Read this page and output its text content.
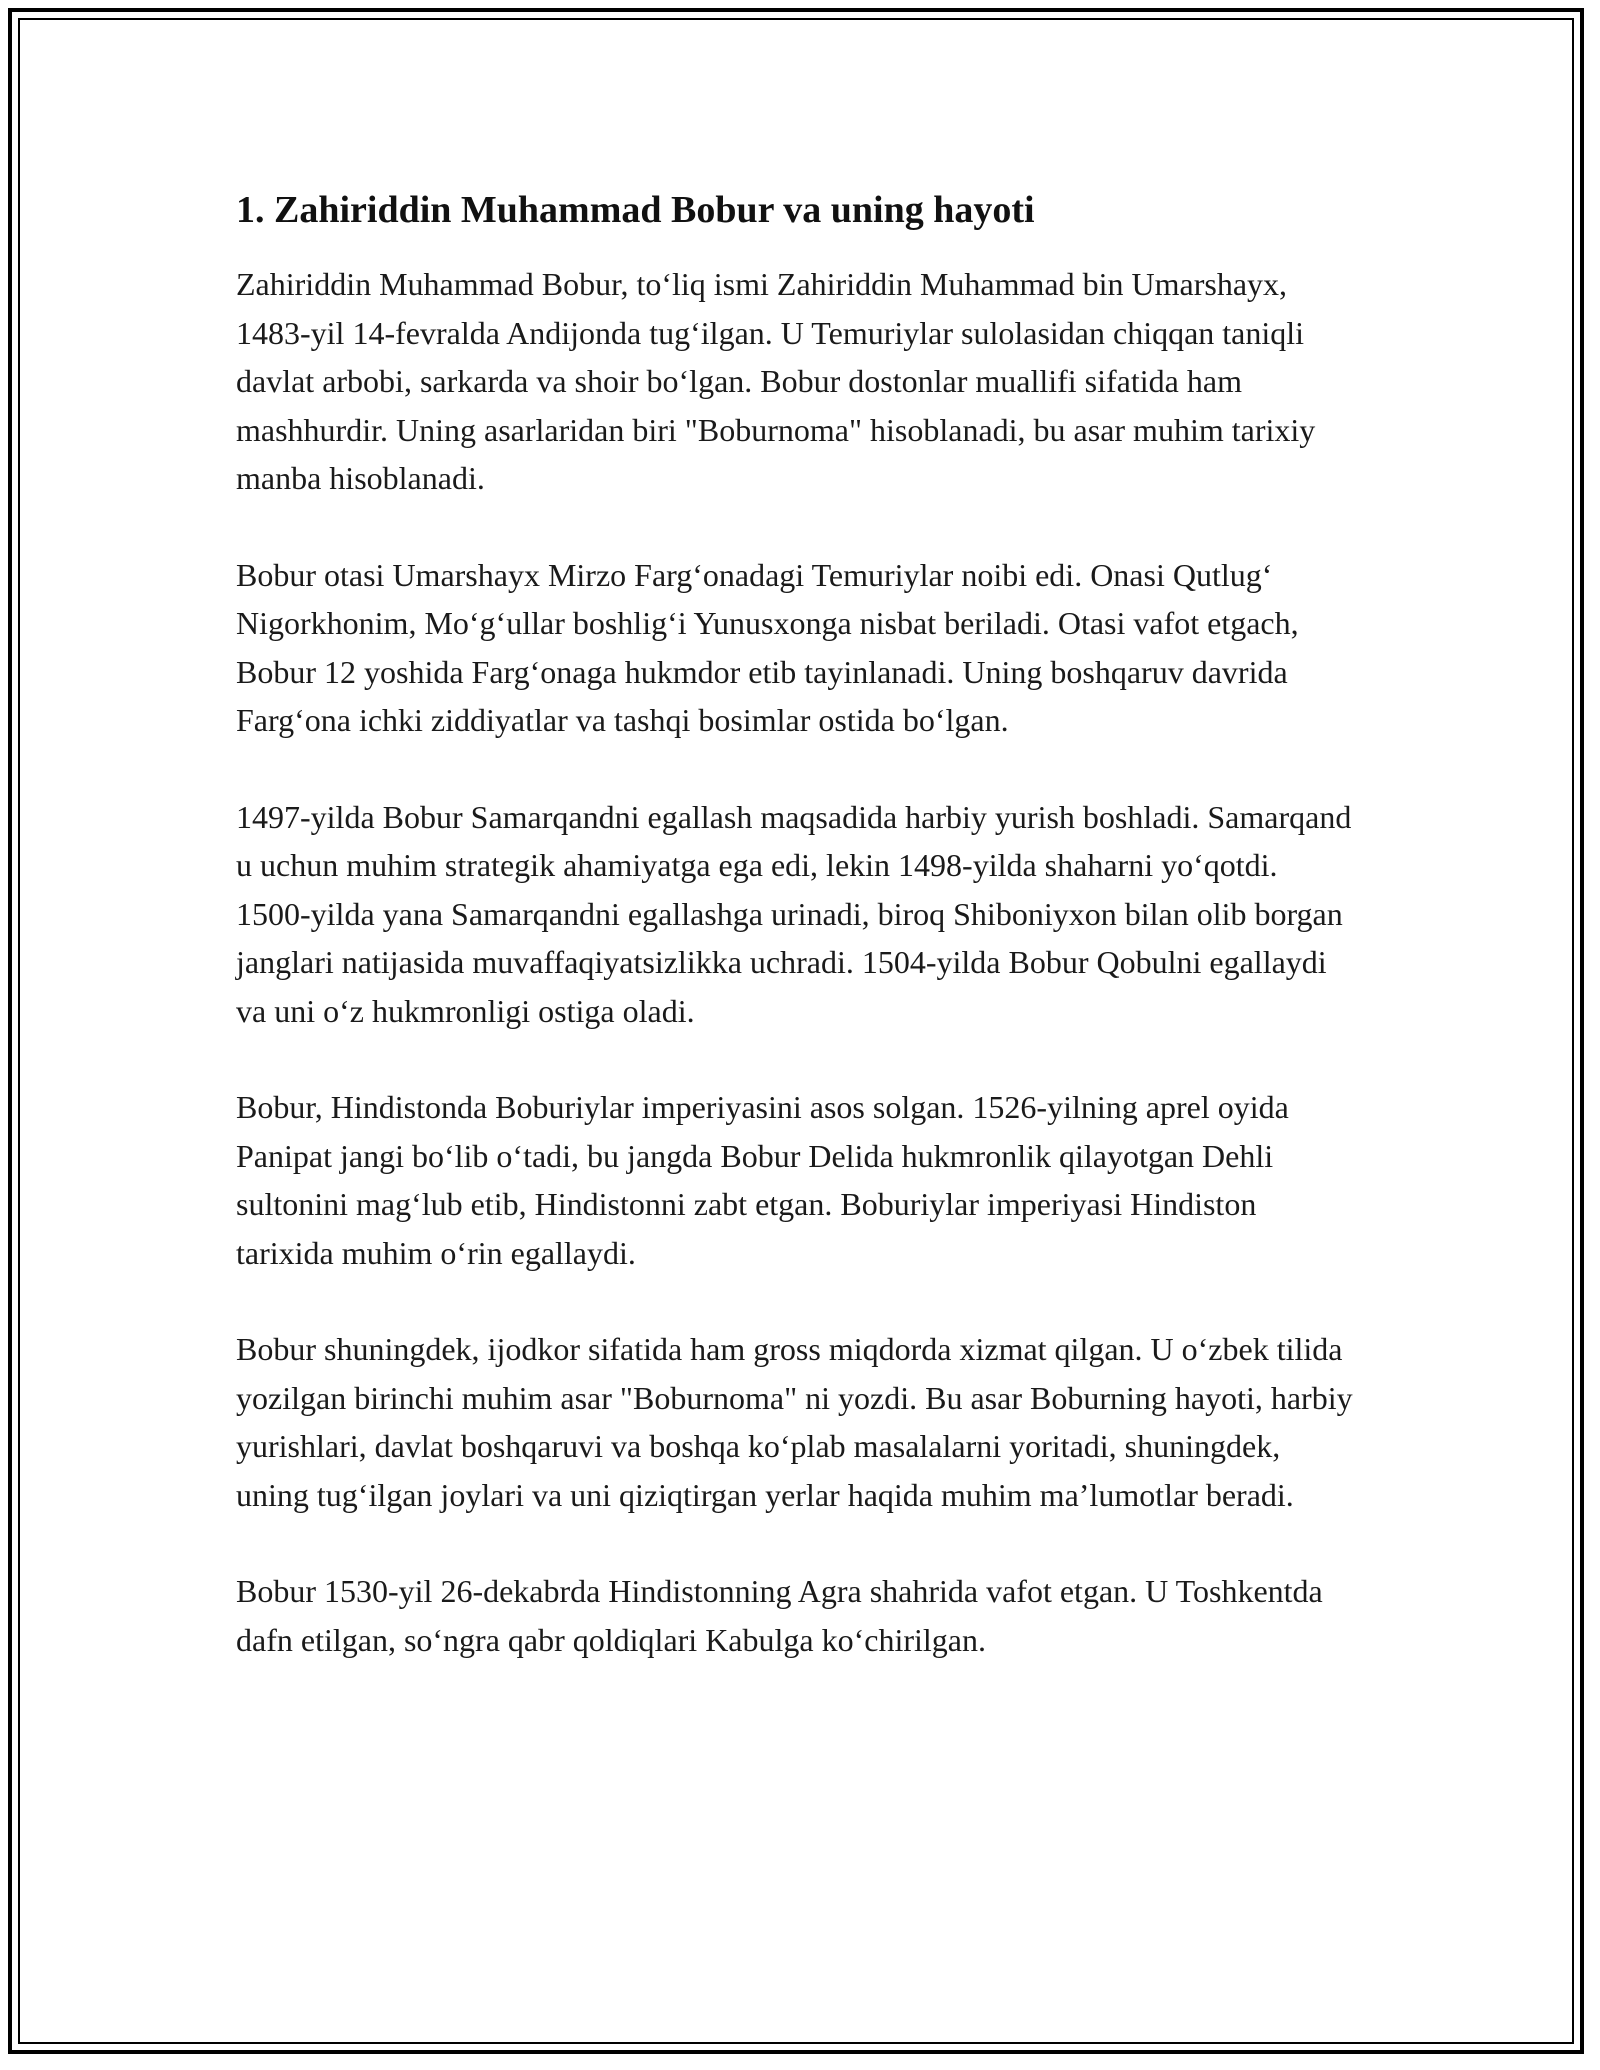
1. Zahiriddin Muhammad Bobur va uning hayoti

Zahiriddin Muhammad Bobur, to‘liq ismi Zahiriddin Muhammad bin Umarshayx, 1483-yil 14-fevralda Andijonda tug‘ilgan. U Temuriylar sulolasidan chiqqan taniqli davlat arbobi, sarkarda va shoir bo‘lgan. Bobur dostonlar muallifi sifatida ham mashhurdir. Uning asarlaridan biri "Boburnoma" hisoblanadi, bu asar muhim tarixiy manba hisoblanadi.

Bobur otasi Umarshayx Mirzo Farg‘onadagi Temuriylar noibi edi. Onasi Qutlug‘ Nigorkhonim, Mo‘g‘ullar boshlig‘i Yunusxonga nisbat beriladi. Otasi vafot etgach, Bobur 12 yoshida Farg‘onaga hukmdor etib tayinlanadi. Uning boshqaruv davrida Farg‘ona ichki ziddiyatlar va tashqi bosimlar ostida bo‘lgan.

1497-yilda Bobur Samarqandni egallash maqsadida harbiy yurish boshladi. Samarqand u uchun muhim strategik ahamiyatga ega edi, lekin 1498-yilda shaharni yo‘qotdi. 1500-yilda yana Samarqandni egallashga urinadi, biroq Shiboniyxon bilan olib borgan janglari natijasida muvaffaqiyatsizlikka uchradi. 1504-yilda Bobur Qobulni egallaydi va uni o‘z hukmronligi ostiga oladi.

Bobur, Hindistonda Boburiylar imperiyasini asos solgan. 1526-yilning aprel oyida Panipat jangi bo‘lib o‘tadi, bu jangda Bobur Delida hukmronlik qilayotgan Dehli sultonini mag‘lub etib, Hindistonni zabt etgan. Boburiylar imperiyasi Hindiston tarixida muhim o‘rin egallaydi.

Bobur shuningdek, ijodkor sifatida ham gross miqdorda xizmat qilgan. U o‘zbek tilida yozilgan birinchi muhim asar "Boburnoma" ni yozdi. Bu asar Boburning hayoti, harbiy yurishlari, davlat boshqaruvi va boshqa ko‘plab masalalarni yoritadi, shuningdek, uning tug‘ilgan joylari va uni qiziqtirgan yerlar haqida muhim ma’lumotlar beradi.

Bobur 1530-yil 26-dekabrda Hindistonning Agra shahrida vafot etgan. U Toshkentda dafn etilgan, so‘ngra qabr qoldiqlari Kabulga ko‘chirilgan.
